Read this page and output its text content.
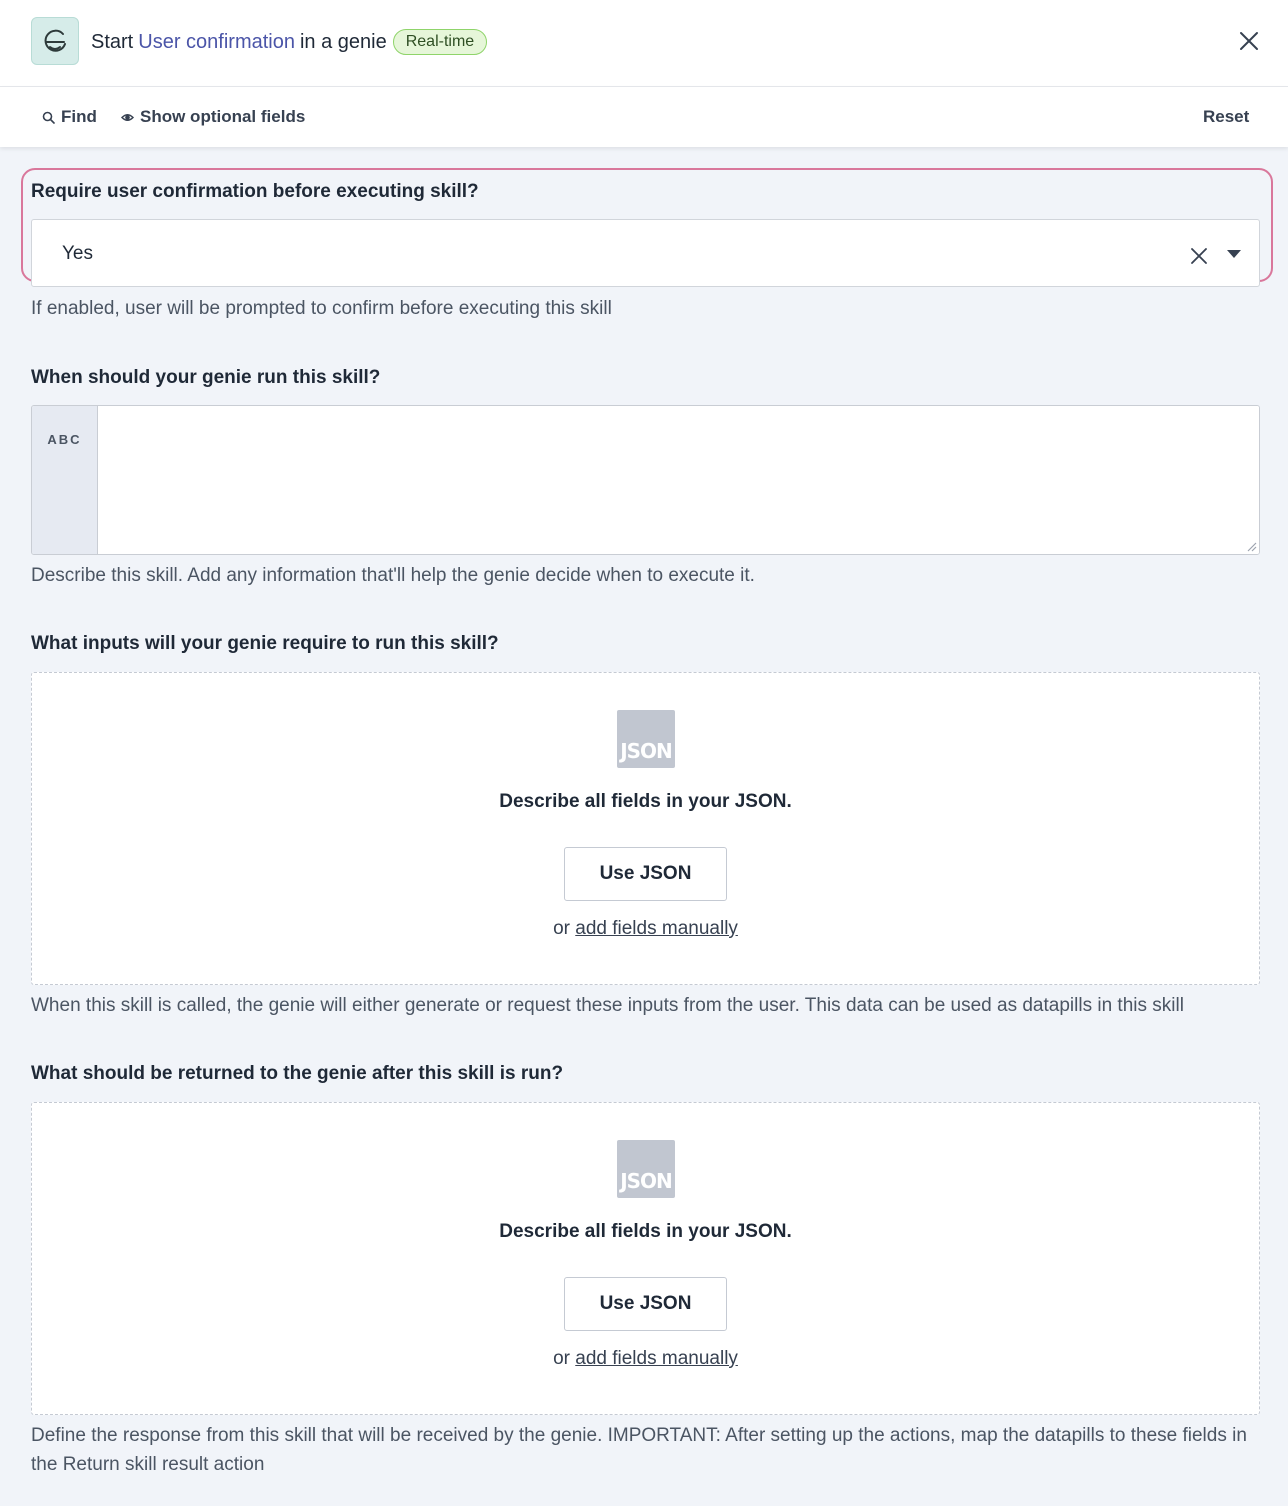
Start User confirmation in a genie	Real-time
Find	Show optional fields	Reset
Require user confirmation before executing skill?
Yes
If enabled, user will be prompted to confirm before executing this skill
When should your genie run this skill?
ABC
Describe this skill. Add any information that'll help the genie decide when to execute it.
What inputs will your genie require to run this skill?
JSON
Describe all fields in your JSON.
Use JSON
or add fields manually
When this skill is called, the genie will either generate or request these inputs from the user. This data can be used as datapills in this skill
What should be returned to the genie after this skill is run?
JSON
Describe all fields in your JSON.
Use JSON
or add fields manually
Define the response from this skill that will be received by the genie. IMPORTANT: After setting up the actions, map the datapills to these fields in the Return skill result action
